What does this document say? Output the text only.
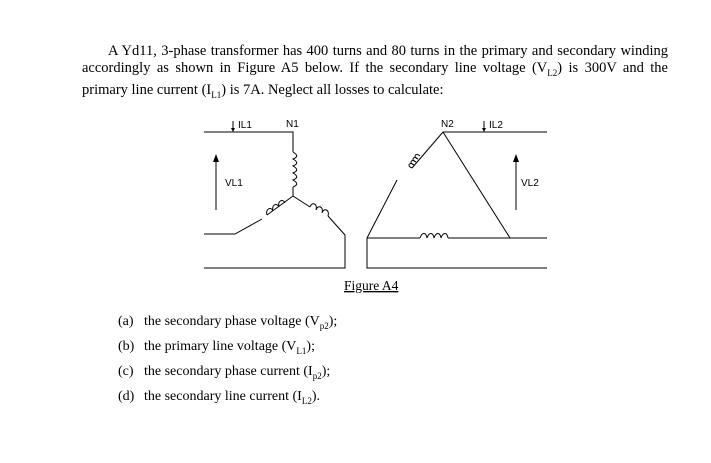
A Yd11, 3-phase transformer has 400 turns and 80 turns in the primary and secondary winding accordingly as shown in Figure A5 below. If the secondary line voltage $(V_{L2})$ is 300V and the primary line current $(I_{L1})$ is 7A. Neglect all losses to calculate:

IL1	N1	N2	IL2
VL1	VL2
Figure A4
(a) the secondary phase voltage $(V_{p2})$;
(b) the primary line voltage $(V_{L1})$;
(c) the secondary phase current $(I_{p2})$;
(d) the secondary line current $(I_{L2})$.
